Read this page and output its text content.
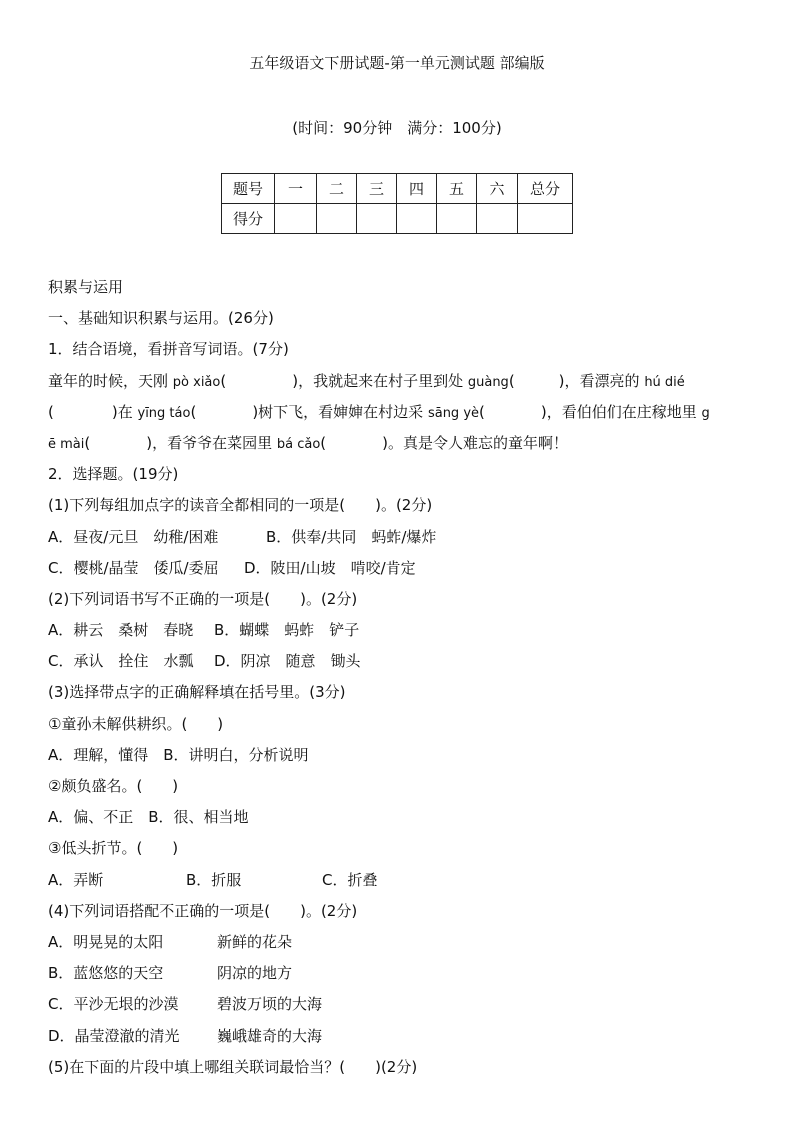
五年级语文下册试题-第一单元测试题 部编版
(时间：90分钟　满分：100分)
题号	一	二	三	四	五	六	总分
得分							
积累与运用
一、基础知识积累与运用。(26分)
1．结合语境，看拼音写词语。(7分)
童年的时候，天刚 pò xiǎo(	)，我就起来在村子里到处 guàng(	)，看漂亮的 hú dié
(	)在 yīng táo(	)树下飞，看婶婶在村边采 sāng yè(	)，看伯伯们在庄稼地里 g
ē mài(	)，看爷爷在菜园里 bá cǎo(	)。真是令人难忘的童年啊！
2．选择题。(19分)
(1)下列每组加点字的读音全都相同的一项是(　　)。(2分)
A．昼夜/元旦　幼稚/困难	B．供奉/共同　蚂蚱/爆炸
C．樱桃/晶莹　倭瓜/委屈 D．陂田/山坡　啃咬/肯定
(2)下列词语书写不正确的一项是(　　)。(2分)
A．耕云　桑树　春晓 B．蝴蝶　蚂蚱　铲子
C．承认　拴住　水瓢 D．阴凉　随意　锄头
(3)选择带点字的正确解释填在括号里。(3分)
①童孙未解供耕织。(　　)
A．理解，懂得　B．讲明白，分析说明
②颇负盛名。(　　)
A．偏、不正　B．很、相当地
③低头折节。(　　)
A．弄断	B．折服	C．折叠
(4)下列词语搭配不正确的一项是(　　)。(2分)
A．明晃晃的太阳	新鲜的花朵
B．蓝悠悠的天空	阴凉的地方
C．平沙无垠的沙漠	碧波万顷的大海
D．晶莹澄澈的清光 巍峨雄奇的大海
(5)在下面的片段中填上哪组关联词最恰当？(　　)(2分)
